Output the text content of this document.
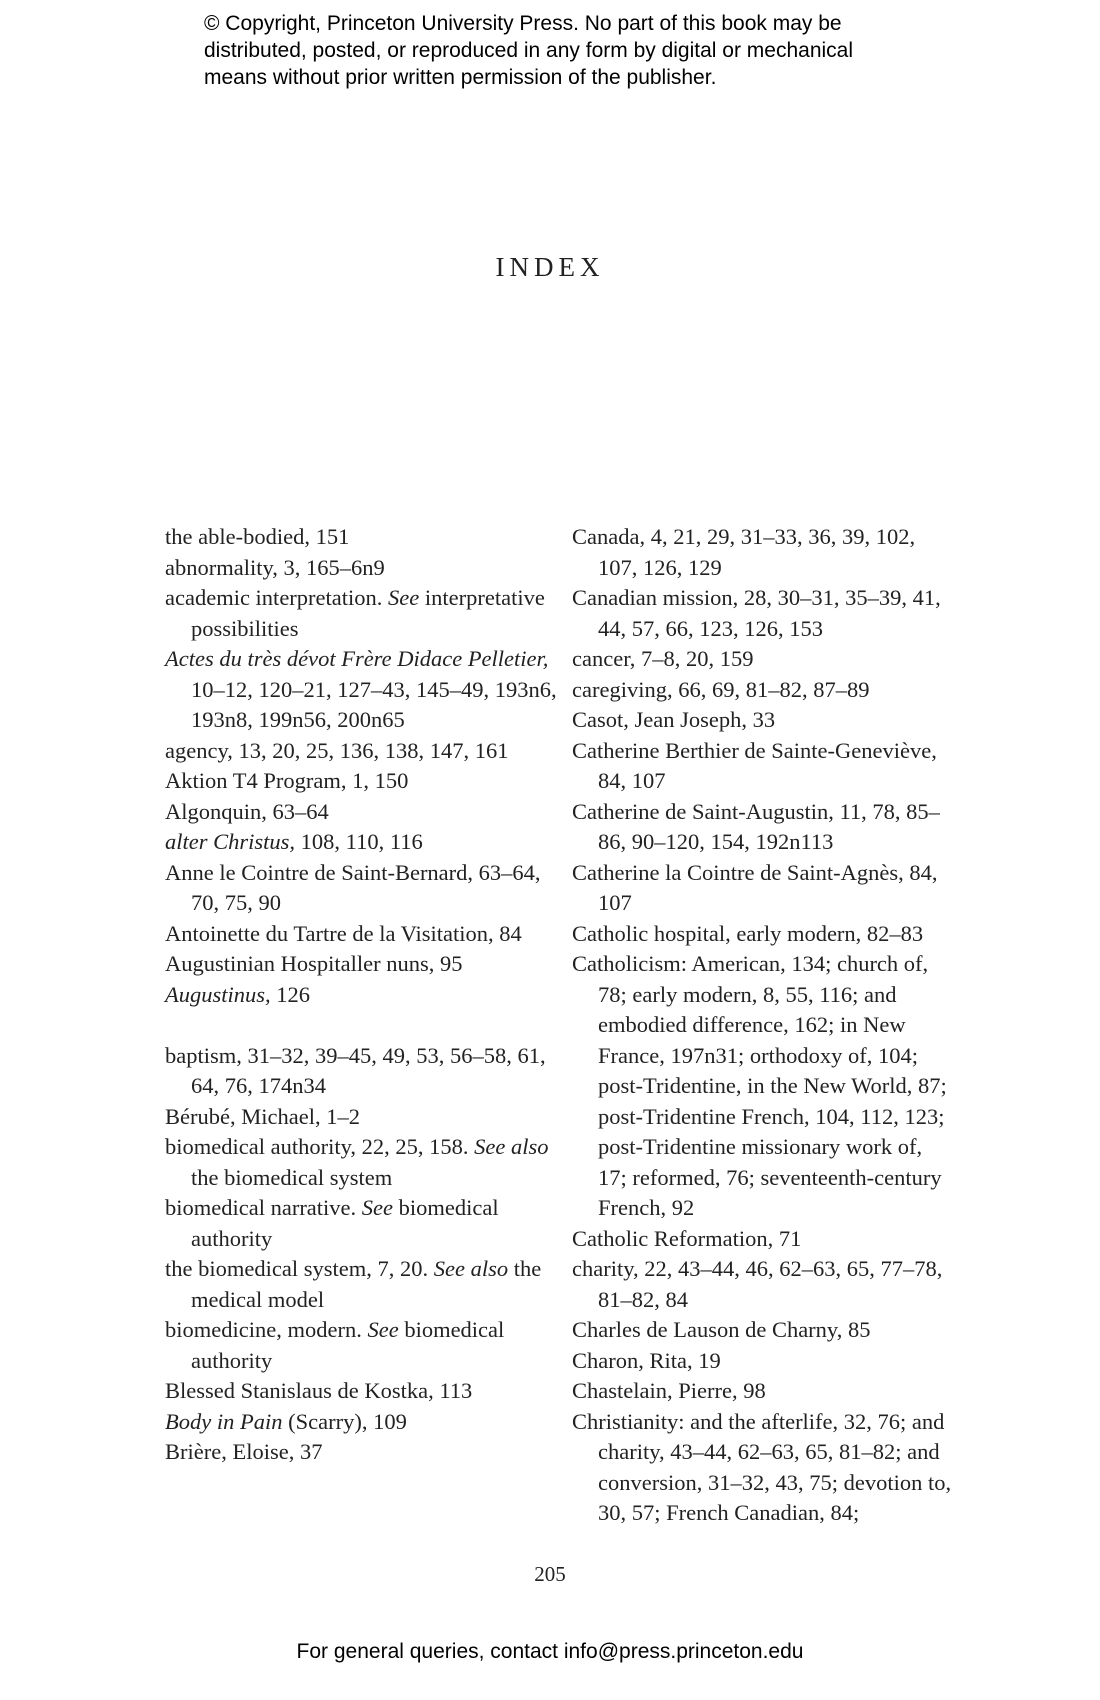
© Copyright, Princeton University Press. No part of this book may be
distributed, posted, or reproduced in any form by digital or mechanical
means without prior written permission of the publisher.
INDEX
the able-bodied, 151
abnormality, 3, 165–6n9
academic interpretation. See interpretative possibilities
Actes du très dévot Frère Didace Pelletier, 10–12, 120–21, 127–43, 145–49, 193n6, 193n8, 199n56, 200n65
agency, 13, 20, 25, 136, 138, 147, 161
Aktion T4 Program, 1, 150
Algonquin, 63–64
alter Christus, 108, 110, 116
Anne le Cointre de Saint-Bernard, 63–64, 70, 75, 90
Antoinette du Tartre de la Visitation, 84
Augustinian Hospitaller nuns, 95
Augustinus, 126
baptism, 31–32, 39–45, 49, 53, 56–58, 61, 64, 76, 174n34
Bérubé, Michael, 1–2
biomedical authority, 22, 25, 158. See also the biomedical system
biomedical narrative. See biomedical authority
the biomedical system, 7, 20. See also the medical model
biomedicine, modern. See biomedical authority
Blessed Stanislaus de Kostka, 113
Body in Pain (Scarry), 109
Brière, Eloise, 37
Canada, 4, 21, 29, 31–33, 36, 39, 102, 107, 126, 129
Canadian mission, 28, 30–31, 35–39, 41, 44, 57, 66, 123, 126, 153
cancer, 7–8, 20, 159
caregiving, 66, 69, 81–82, 87–89
Casot, Jean Joseph, 33
Catherine Berthier de Sainte-Geneviève, 84, 107
Catherine de Saint-Augustin, 11, 78, 85–86, 90–120, 154, 192n113
Catherine la Cointre de Saint-Agnès, 84, 107
Catholic hospital, early modern, 82–83
Catholicism: American, 134; church of, 78; early modern, 8, 55, 116; and embodied difference, 162; in New France, 197n31; orthodoxy of, 104; post-Tridentine, in the New World, 87; post-Tridentine French, 104, 112, 123; post-Tridentine missionary work of, 17; reformed, 76; seventeenth-century French, 92
Catholic Reformation, 71
charity, 22, 43–44, 46, 62–63, 65, 77–78, 81–82, 84
Charles de Lauson de Charny, 85
Charon, Rita, 19
Chastelain, Pierre, 98
Christianity: and the afterlife, 32, 76; and charity, 43–44, 62–63, 65, 81–82; and conversion, 31–32, 43, 75; devotion to, 30, 57; French Canadian, 84;
205
For general queries, contact info@press.princeton.edu
